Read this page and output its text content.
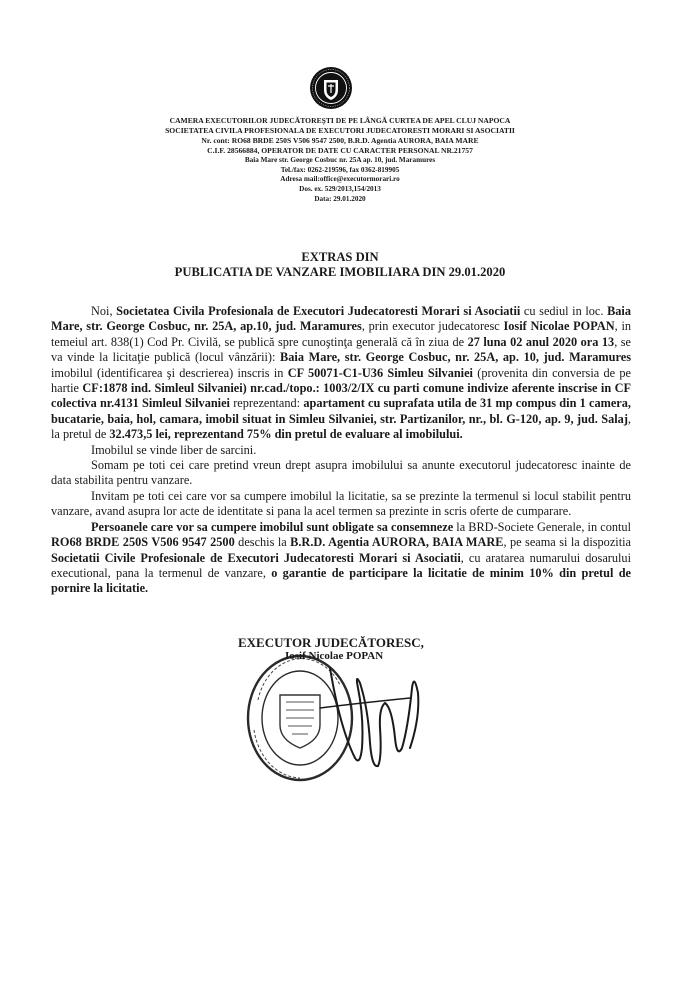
CAMERA EXECUTORILOR JUDECĂTOREŞTI DE PE LÂNGĂ CURTEA DE APEL CLUJ NAPOCA
SOCIETATEA CIVILA PROFESIONALA DE EXECUTORI JUDECATORESTI MORARI SI ASOCIATII
Nr. cont: RO68 BRDE 250S V506 9547 2500, B.R.D. Agentia AURORA, BAIA MARE
C.I.F. 28566884, OPERATOR DE DATE CU CARACTER PERSONAL NR.21757
Baia Mare str. George Cosbuc nr. 25A ap. 10, jud. Maramures
Tel./fax: 0262-219596, fax 0362-819905
Adresa mail:office@executormorari.ro
Dos. ex. 529/2013,154/2013
Data: 29.01.2020
EXTRAS DIN
PUBLICATIA DE VANZARE IMOBILIARA DIN 29.01.2020

Noi, Societatea Civila Profesionala de Executori Judecatoresti Morari si Asociatii cu sediul in loc. Baia Mare, str. George Cosbuc, nr. 25A, ap.10, jud. Maramures, prin executor judecatoresc Iosif Nicolae POPAN, in temeiul art. 838(1) Cod Pr. Civilă, se publică spre cunoştinţa generală că în ziua de 27 luna 02 anul 2020 ora 13, se va vinde la licitaţie publică (locul vânzării): Baia Mare, str. George Cosbuc, nr. 25A, ap. 10, jud. Maramures imobilul (identificarea şi descrierea) inscris in CF 50071-C1-U36 Simleu Silvaniei (provenita din conversia de pe hartie CF:1878 ind. Simleul Silvaniei) nr.cad./topo.: 1003/2/IX cu parti comune indivize aferente inscrise in CF colectiva nr.4131 Simleul Silvaniei reprezentand: apartament cu suprafata utila de 31 mp compus din 1 camera, bucatarie, baia, hol, camara, imobil situat in Simleu Silvaniei, str. Partizanilor, nr., bl. G-120, ap. 9, jud. Salaj, la pretul de 32.473,5 lei, reprezentand 75% din pretul de evaluare al imobilului.

Imobilul se vinde liber de sarcini.

Somam pe toti cei care pretind vreun drept asupra imobilului sa anunte executorul judecatoresc inainte de data stabilita pentru vanzare.

Invitam pe toti cei care vor sa cumpere imobilul la licitatie, sa se prezinte la termenul si locul stabilit pentru vanzare, avand asupra lor acte de identitate si pana la acel termen sa prezinte in scris oferte de cumparare.

Persoanele care vor sa cumpere imobilul sunt obligate sa consemneze la BRD-Societe Generale, in contul RO68 BRDE 250S V506 9547 2500 deschis la B.R.D. Agentia AURORA, BAIA MARE, pe seama si la dispozitia Societatii Civile Profesionale de Executori Judecatoresti Morari si Asociatii, cu aratarea numarului dosarului executional, pana la termenul de vanzare, o garantie de participare la licitatie de minim 10% din pretul de pornire la licitatie.

EXECUTOR JUDECĂTORESC,
Iosif Nicolae POPAN
